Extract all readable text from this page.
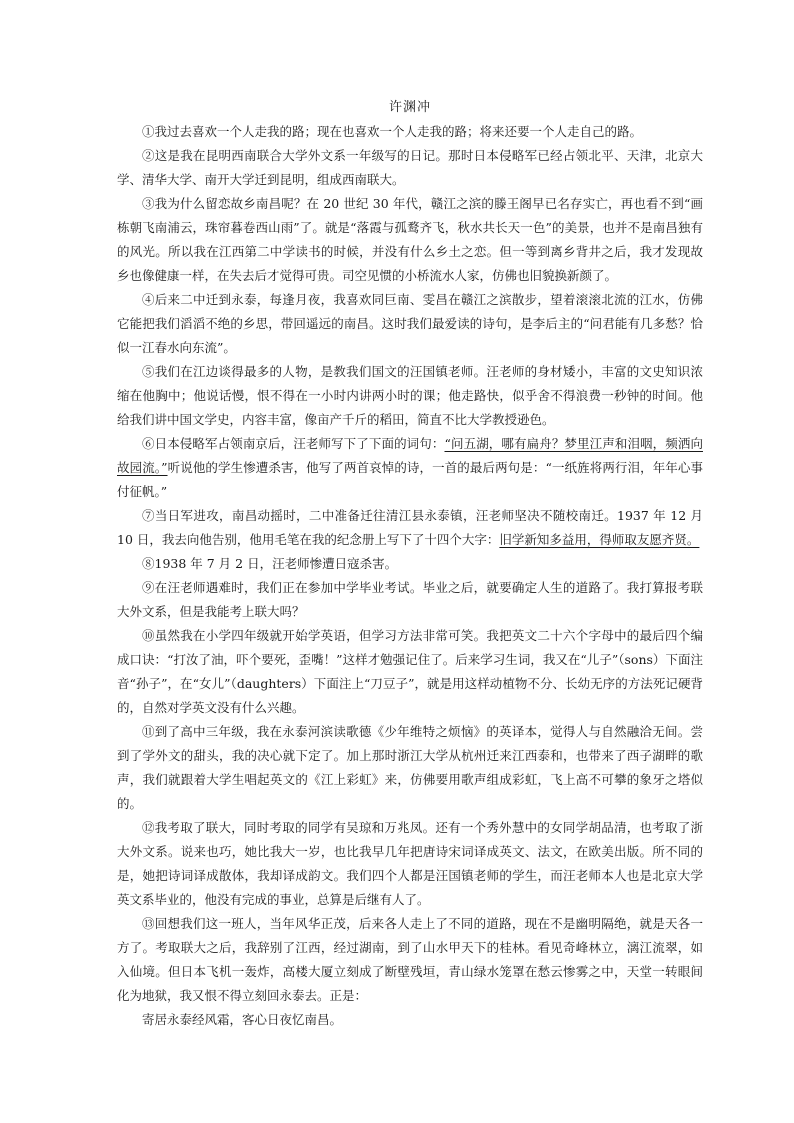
许渊冲

①我过去喜欢一个人走我的路；现在也喜欢一个人走我的路；将来还要一个人走自己的路。

②这是我在昆明西南联合大学外文系一年级写的日记。那时日本侵略军已经占领北平、天津，北京大学、清华大学、南开大学迁到昆明，组成西南联大。

③我为什么留恋故乡南昌呢？在 20 世纪 30 年代，赣江之滨的滕王阁早已名存实亡，再也看不到“画栋朝飞南浦云，珠帘暮卷西山雨”了。就是“落霞与孤鹜齐飞，秋水共长天一色”的美景，也并不是南昌独有的风光。所以我在江西第二中学读书的时候，并没有什么乡土之恋。但一等到离乡背井之后，我才发现故乡也像健康一样，在失去后才觉得可贵。司空见惯的小桥流水人家，仿佛也旧貌换新颜了。

④后来二中迁到永泰，每逢月夜，我喜欢同巨南、雯昌在赣江之滨散步，望着滚滚北流的江水，仿佛它能把我们滔滔不绝的乡思，带回遥远的南昌。这时我们最爱读的诗句，是李后主的“问君能有几多愁？恰似一江春水向东流”。

⑤我们在江边谈得最多的人物，是教我们国文的汪国镇老师。汪老师的身材矮小，丰富的文史知识浓缩在他胸中；他说话慢，恨不得在一小时内讲两小时的课；他走路快，似乎舍不得浪费一秒钟的时间。他给我们讲中国文学史，内容丰富，像亩产千斤的稻田，简直不比大学教授逊色。

⑥日本侵略军占领南京后，汪老师写下了下面的词句：“问五湖，哪有扁舟？梦里江声和泪咽，频洒向故园流。”听说他的学生惨遭杀害，他写了两首哀悼的诗，一首的最后两句是：“一纸旌将两行泪，年年心事付征帆。”

⑦当日军进攻，南昌动摇时，二中准备迁往清江县永泰镇，汪老师坚决不随校南迁。1937 年 12 月 10 日，我去向他告别，他用毛笔在我的纪念册上写下了十四个大字：旧学新知多益用，得师取友愿齐贤。

⑧1938 年 7 月 2 日，汪老师惨遭日寇杀害。

⑨在汪老师遇难时，我们正在参加中学毕业考试。毕业之后，就要确定人生的道路了。我打算报考联大外文系，但是我能考上联大吗？

⑩虽然我在小学四年级就开始学英语，但学习方法非常可笑。我把英文二十六个字母中的最后四个编成口诀：“打汝了油，吓个要死，歪嘴！”这样才勉强记住了。后来学习生词，我又在“儿子”（sons）下面注音“孙子”，在“女儿”（daughters）下面注上“刀豆子”，就是用这样动植物不分、长幼无序的方法死记硬背的，自然对学英文没有什么兴趣。

⑪到了高中三年级，我在永泰河滨读歌德《少年维特之烦恼》的英译本，觉得人与自然融洽无间。尝到了学外文的甜头，我的决心就下定了。加上那时浙江大学从杭州迁来江西泰和，也带来了西子湖畔的歌声，我们就跟着大学生唱起英文的《江上彩虹》来，仿佛要用歌声组成彩虹，飞上高不可攀的象牙之塔似的。

⑫我考取了联大，同时考取的同学有吴琼和万兆凤。还有一个秀外慧中的女同学胡品清，也考取了浙大外文系。说来也巧，她比我大一岁，也比我早几年把唐诗宋词译成英文、法文，在欧美出版。所不同的是，她把诗词译成散体，我却译成韵文。我们四个人都是汪国镇老师的学生，而汪老师本人也是北京大学英文系毕业的，他没有完成的事业，总算是后继有人了。

⑬回想我们这一班人，当年风华正茂，后来各人走上了不同的道路，现在不是幽明隔绝，就是天各一方了。考取联大之后，我辞别了江西，经过湖南，到了山水甲天下的桂林。看见奇峰林立，漓江流翠，如入仙境。但日本飞机一轰炸，高楼大厦立刻成了断壁残垣，青山绿水笼罩在愁云惨雾之中，天堂一转眼间化为地狱，我又恨不得立刻回永泰去。正是：

寄居永泰经风霜，客心日夜忆南昌。
